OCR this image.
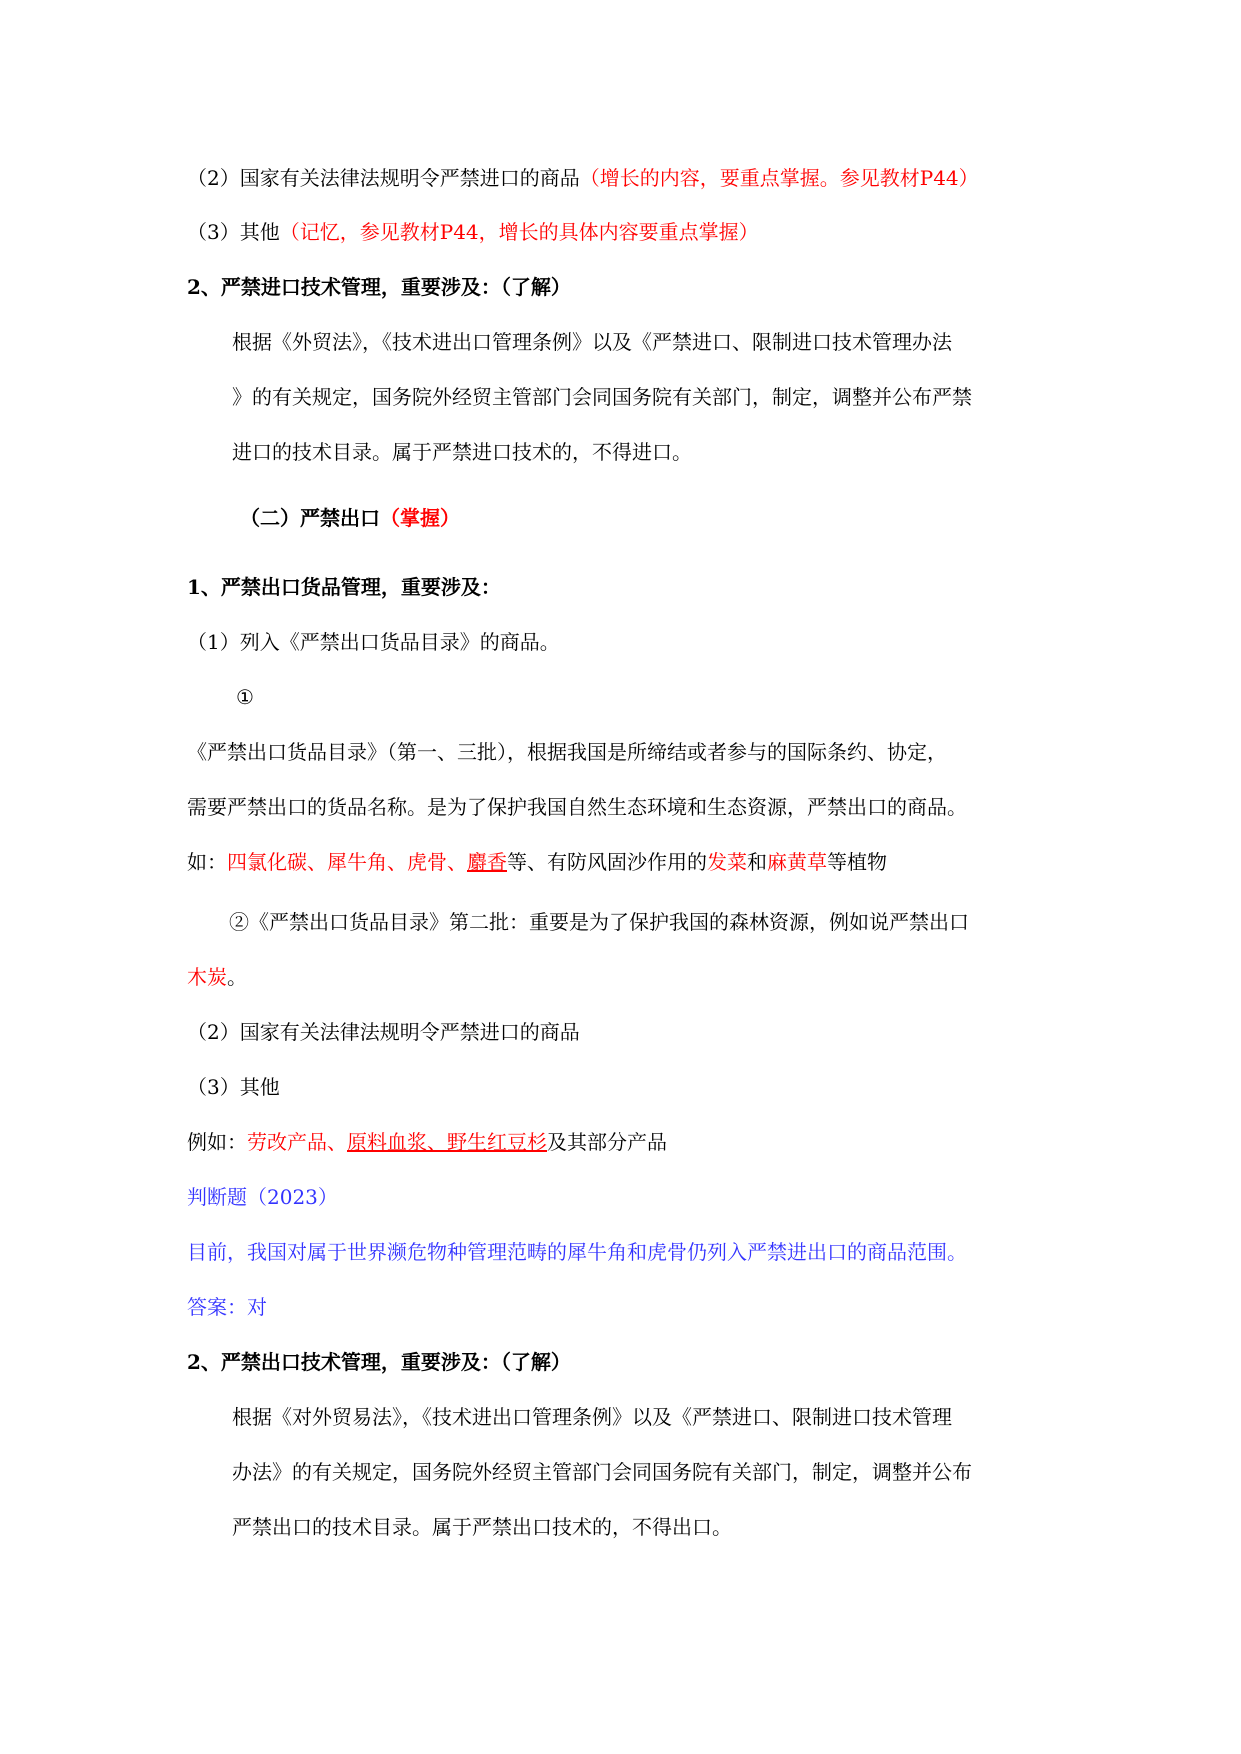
（2）国家有关法律法规明令严禁进口的商品（增长的内容，要重点掌握。参见教材P44）
（3）其他（记忆，参见教材P44，增长的具体内容要重点掌握）
2、严禁进口技术管理，重要涉及：（了解）
根据《外贸法》，《技术进出口管理条例》以及《严禁进口、限制进口技术管理办法
》的有关规定，国务院外经贸主管部门会同国务院有关部门，制定，调整并公布严禁
进口的技术目录。属于严禁进口技术的，不得进口。
（二）严禁出口（掌握）
1、严禁出口货品管理，重要涉及：
（1）列入《严禁出口货品目录》的商品。
①
《严禁出口货品目录》（第一、三批），根据我国是所缔结或者参与的国际条约、协定，
需要严禁出口的货品名称。是为了保护我国自然生态环境和生态资源，严禁出口的商品。
如：四氯化碳、犀牛角、虎骨、麝香等、有防风固沙作用的发菜和麻黄草等植物
②《严禁出口货品目录》第二批：重要是为了保护我国的森林资源，例如说严禁出口
木炭。
（2）国家有关法律法规明令严禁进口的商品
（3）其他
例如：劳改产品、原料血浆、野生红豆杉及其部分产品
判断题（2023）
目前，我国对属于世界濒危物种管理范畴的犀牛角和虎骨仍列入严禁进出口的商品范围。
答案：对
2、严禁出口技术管理，重要涉及：（了解）
根据《对外贸易法》，《技术进出口管理条例》以及《严禁进口、限制进口技术管理
办法》的有关规定，国务院外经贸主管部门会同国务院有关部门，制定，调整并公布
严禁出口的技术目录。属于严禁出口技术的，不得出口。
